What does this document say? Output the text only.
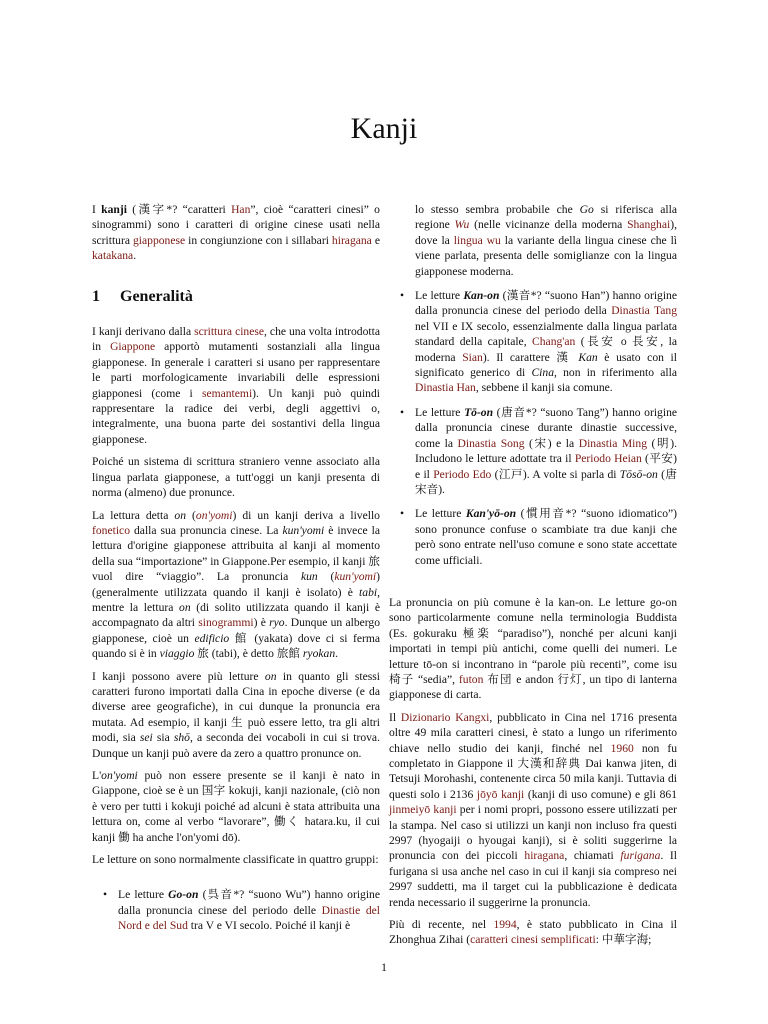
Kanji

I kanji (漢字*? “caratteri Han”, cioè “caratteri cinesi” o sinogrammi) sono i caratteri di origine cinese usati nella scrittura giapponese in congiunzione con i sillabari hiragana e katakana.

1 Generalità

I kanji derivano dalla scrittura cinese, che una volta introdotta in Giappone apportò mutamenti sostanziali alla lingua giapponese. In generale i caratteri si usano per rappresentare le parti morfologicamente invariabili delle espressioni giapponesi (come i semantemi). Un kanji può quindi rappresentare la radice dei verbi, degli aggettivi o, integralmente, una buona parte dei sostantivi della lingua giapponese.

Poiché un sistema di scrittura straniero venne associato alla lingua parlata giapponese, a tutt'oggi un kanji presenta di norma (almeno) due pronunce.

La lettura detta on (on'yomi) di un kanji deriva a livello fonetico dalla sua pronuncia cinese. La kun'yomi è invece la lettura d'origine giapponese attribuita al kanji al momento della sua “importazione” in Giappone.Per esempio, il kanji 旅 vuol dire “viaggio”. La pronuncia kun (kun'yomi) (generalmente utilizzata quando il kanji è isolato) è tabi, mentre la lettura on (di solito utilizzata quando il kanji è accompagnato da altri sinogrammi) è ryo. Dunque un albergo giapponese, cioè un edificio 館 (yakata) dove ci si ferma quando si è in viaggio 旅 (tabi), è detto 旅館 ryokan.

I kanji possono avere più letture on in quanto gli stessi caratteri furono importati dalla Cina in epoche diverse (e da diverse aree geografiche), in cui dunque la pronuncia era mutata. Ad esempio, il kanji 生 può essere letto, tra gli altri modi, sia sei sia shō, a seconda dei vocaboli in cui si trova. Dunque un kanji può avere da zero a quattro pronunce on.

L'on'yomi può non essere presente se il kanji è nato in Giappone, cioè se è un 国字 kokuji, kanji nazionale, (ciò non è vero per tutti i kokuji poiché ad alcuni è stata attribuita una lettura on, come al verbo “lavorare”, 働く hatara.ku, il cui kanji 働 ha anche l'on'yomi dō).

Le letture on sono normalmente classificate in quattro gruppi:

• Le letture Go-on (呉音*? “suono Wu”) hanno origine dalla pronuncia cinese del periodo delle Dinastie del Nord e del Sud tra V e VI secolo. Poiché il kanji è

lo stesso sembra probabile che Go si riferisca alla regione Wu (nelle vicinanze della moderna Shanghai), dove la lingua wu la variante della lingua cinese che lì viene parlata, presenta delle somiglianze con la lingua giapponese moderna.

• Le letture Kan-on (漢音*? “suono Han”) hanno origine dalla pronuncia cinese del periodo della Dinastia Tang nel VII e IX secolo, essenzialmente dalla lingua parlata standard della capitale, Chang'an (長安 o 長安, la moderna Sian). Il carattere 漢 Kan è usato con il significato generico di Cina, non in riferimento alla Dinastia Han, sebbene il kanji sia comune.
• Le letture Tō-on (唐音*? “suono Tang”) hanno origine dalla pronuncia cinese durante dinastie successive, come la Dinastia Song (宋) e la Dinastia Ming (明). Includono le letture adottate tra il Periodo Heian (平安) e il Periodo Edo (江戸). A volte si parla di Tōsō-on (唐宋音).
• Le letture Kan'yō-on (慣用音*? “suono idiomatico”) sono pronunce confuse o scambiate tra due kanji che però sono entrate nell'uso comune e sono state accettate come ufficiali.

La pronuncia on più comune è la kan-on. Le letture go-on sono particolarmente comune nella terminologia Buddista (Es. gokuraku 極楽 “paradiso”), nonché per alcuni kanji importati in tempi più antichi, come quelli dei numeri. Le letture tō-on si incontrano in “parole più recenti”, come isu 椅子 “sedia”, futon 布団 e andon 行灯, un tipo di lanterna giapponese di carta.

Il Dizionario Kangxi, pubblicato in Cina nel 1716 presenta oltre 49 mila caratteri cinesi, è stato a lungo un riferimento chiave nello studio dei kanji, finché nel 1960 non fu completato in Giappone il 大漢和辞典 Dai kanwa jiten, di Tetsuji Morohashi, contenente circa 50 mila kanji. Tuttavia di questi solo i 2136 jōyō kanji (kanji di uso comune) e gli 861 jinmeiyō kanji per i nomi propri, possono essere utilizzati per la stampa. Nel caso si utilizzi un kanji non incluso fra questi 2997 (hyogaiji o hyougai kanji), si è soliti suggerirne la pronuncia con dei piccoli hiragana, chiamati furigana. Il furigana si usa anche nel caso in cui il kanji sia compreso nei 2997 suddetti, ma il target cui la pubblicazione è dedicata renda necessario il suggerirne la pronuncia.

Più di recente, nel 1994, è stato pubblicato in Cina il Zhonghua Zihai (caratteri cinesi semplificati: 中華字海;

1
